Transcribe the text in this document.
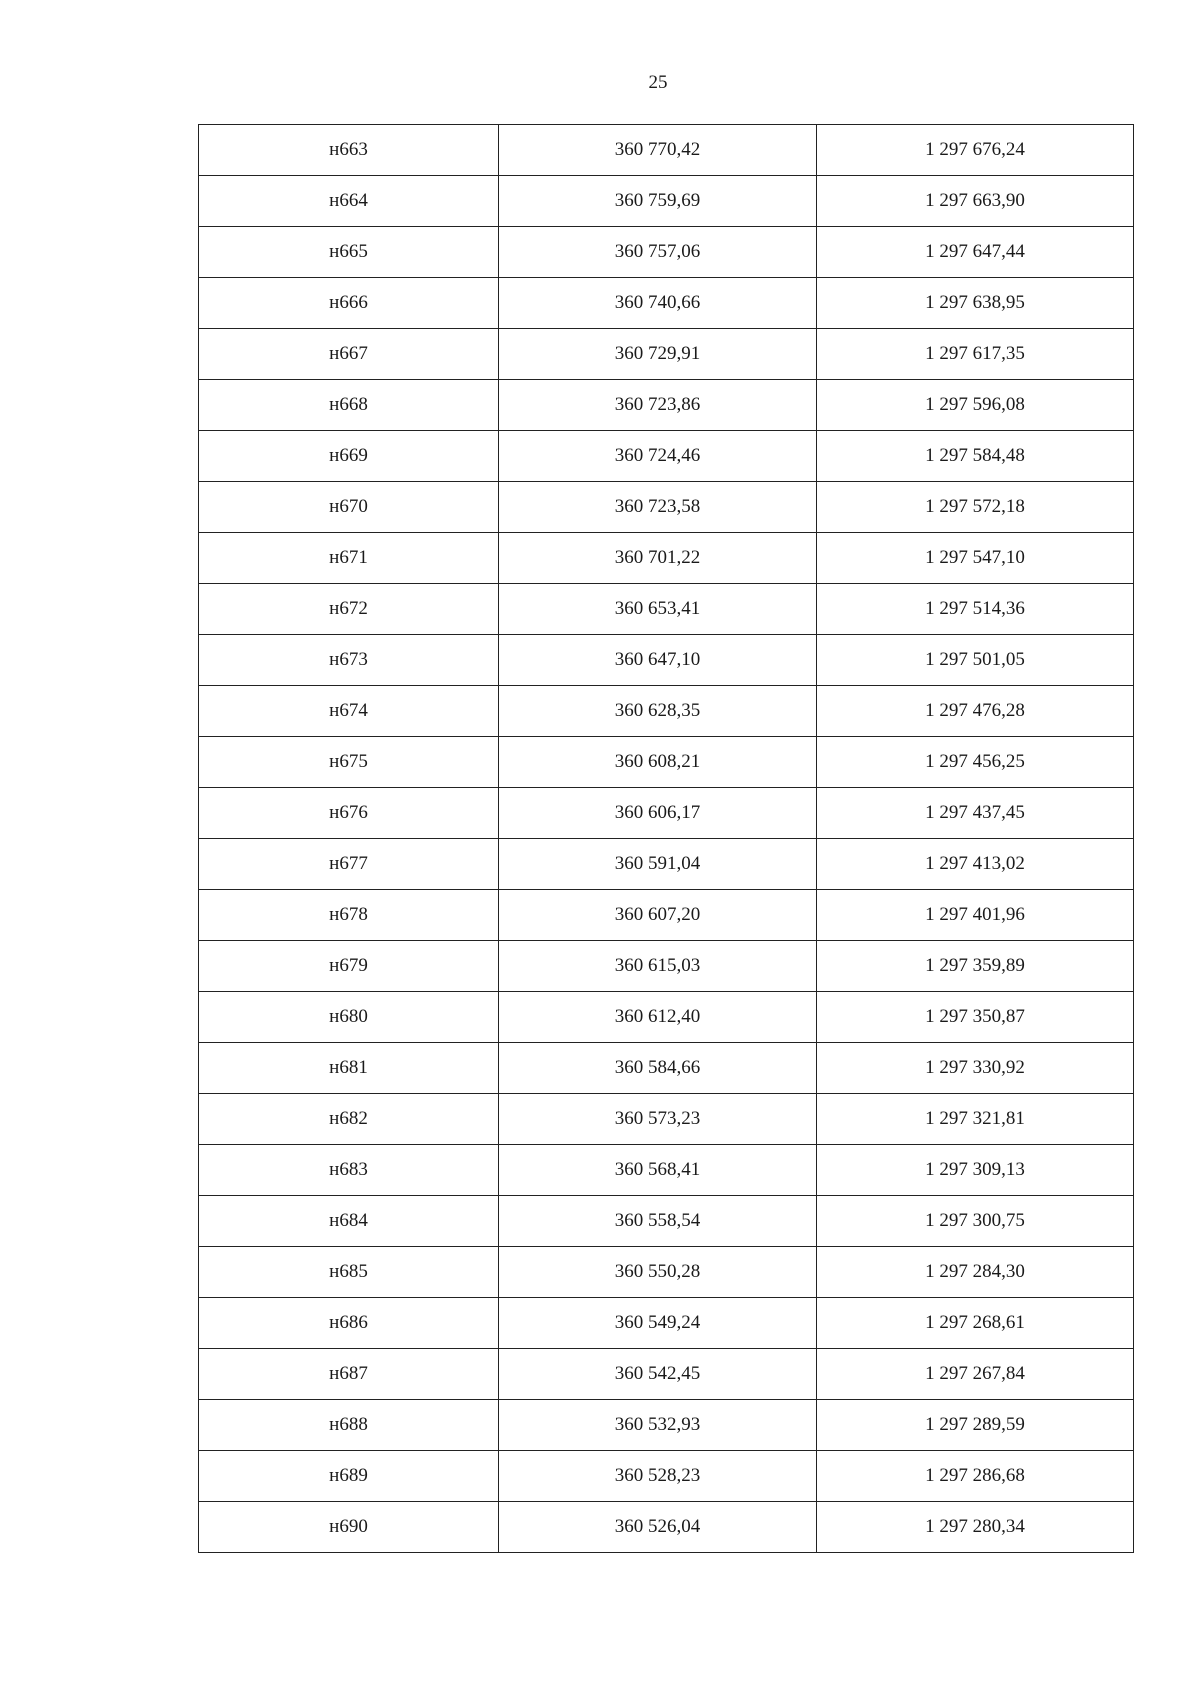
25
н663	360 770,42	1 297 676,24
н664	360 759,69	1 297 663,90
н665	360 757,06	1 297 647,44
н666	360 740,66	1 297 638,95
н667	360 729,91	1 297 617,35
н668	360 723,86	1 297 596,08
н669	360 724,46	1 297 584,48
н670	360 723,58	1 297 572,18
н671	360 701,22	1 297 547,10
н672	360 653,41	1 297 514,36
н673	360 647,10	1 297 501,05
н674	360 628,35	1 297 476,28
н675	360 608,21	1 297 456,25
н676	360 606,17	1 297 437,45
н677	360 591,04	1 297 413,02
н678	360 607,20	1 297 401,96
н679	360 615,03	1 297 359,89
н680	360 612,40	1 297 350,87
н681	360 584,66	1 297 330,92
н682	360 573,23	1 297 321,81
н683	360 568,41	1 297 309,13
н684	360 558,54	1 297 300,75
н685	360 550,28	1 297 284,30
н686	360 549,24	1 297 268,61
н687	360 542,45	1 297 267,84
н688	360 532,93	1 297 289,59
н689	360 528,23	1 297 286,68
н690	360 526,04	1 297 280,34
